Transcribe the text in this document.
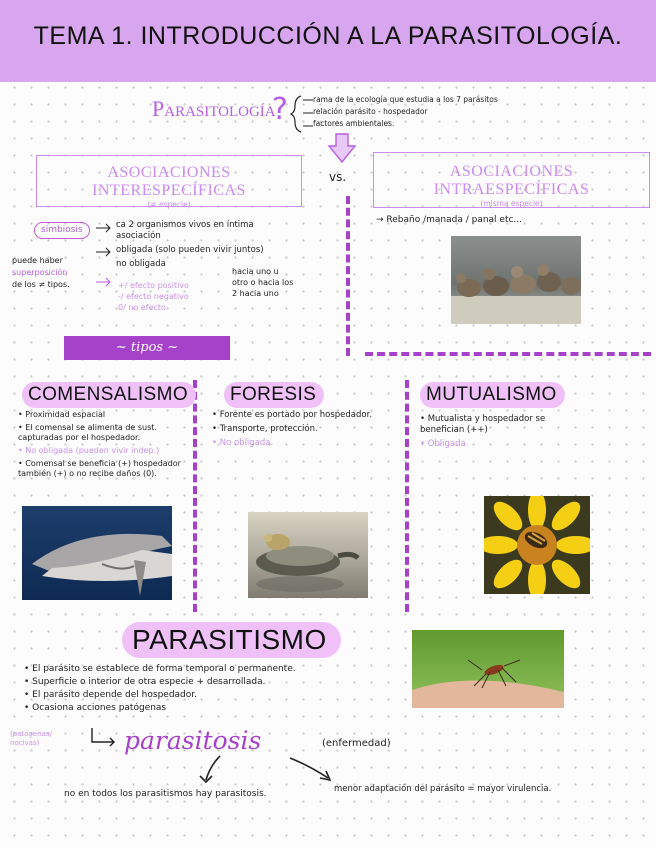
TEMA 1. INTRODUCCIÓN A LA PARASITOLOGÍA.
Parasitología
?	rama de la ecología que estudia a los 7 parásitos
relación parásito - hospedador
factores ambientales.
ASOCIACIONES INTERESPECÍFICAS
(≠ especie)
vs.	ASOCIACIONES INTRAESPECÍFICAS
(misma especie)
simbiosis	ca 2 organismos vivos en íntima asociación
obligada (solo pueden vivir juntos)
no obligada
puede haber
superposición
de los ≠ tipos.	+/ efecto positivo
-/ efecto negativo
0/ no efecto
hacia uno u otro o hacia los 2 hacia uno
~ tipos ~
→ Rebaño /manada / panal etc...
COMENSALISMO
• Proximidad espacial
• El comensal se alimenta de sust. capturadas por el hospedador.
• No obligada (pueden vivir indep.)
• Comensal se beneficia (+) hospedador también (+) o no recibe daños (0).
FORESIS
• Forente es portado por hospedador.
• Transporte, protección.
• No obligada.
MUTUALISMO
• Mutualista y hospedador se benefician (++)
• Obligada.
PARASITISMO
• El parásito se establece de forma temporal o permanente.
• Superficie o interior de otra especie + desarrollada.
• El parásito depende del hospedador.
• Ocasiona acciones patógenas
(patógenas/ nocivas)	parasitosis	(enfermedad)
no en todos los parasitismos hay parasitosis.	menor adaptación del parásito = mayor virulencia.
